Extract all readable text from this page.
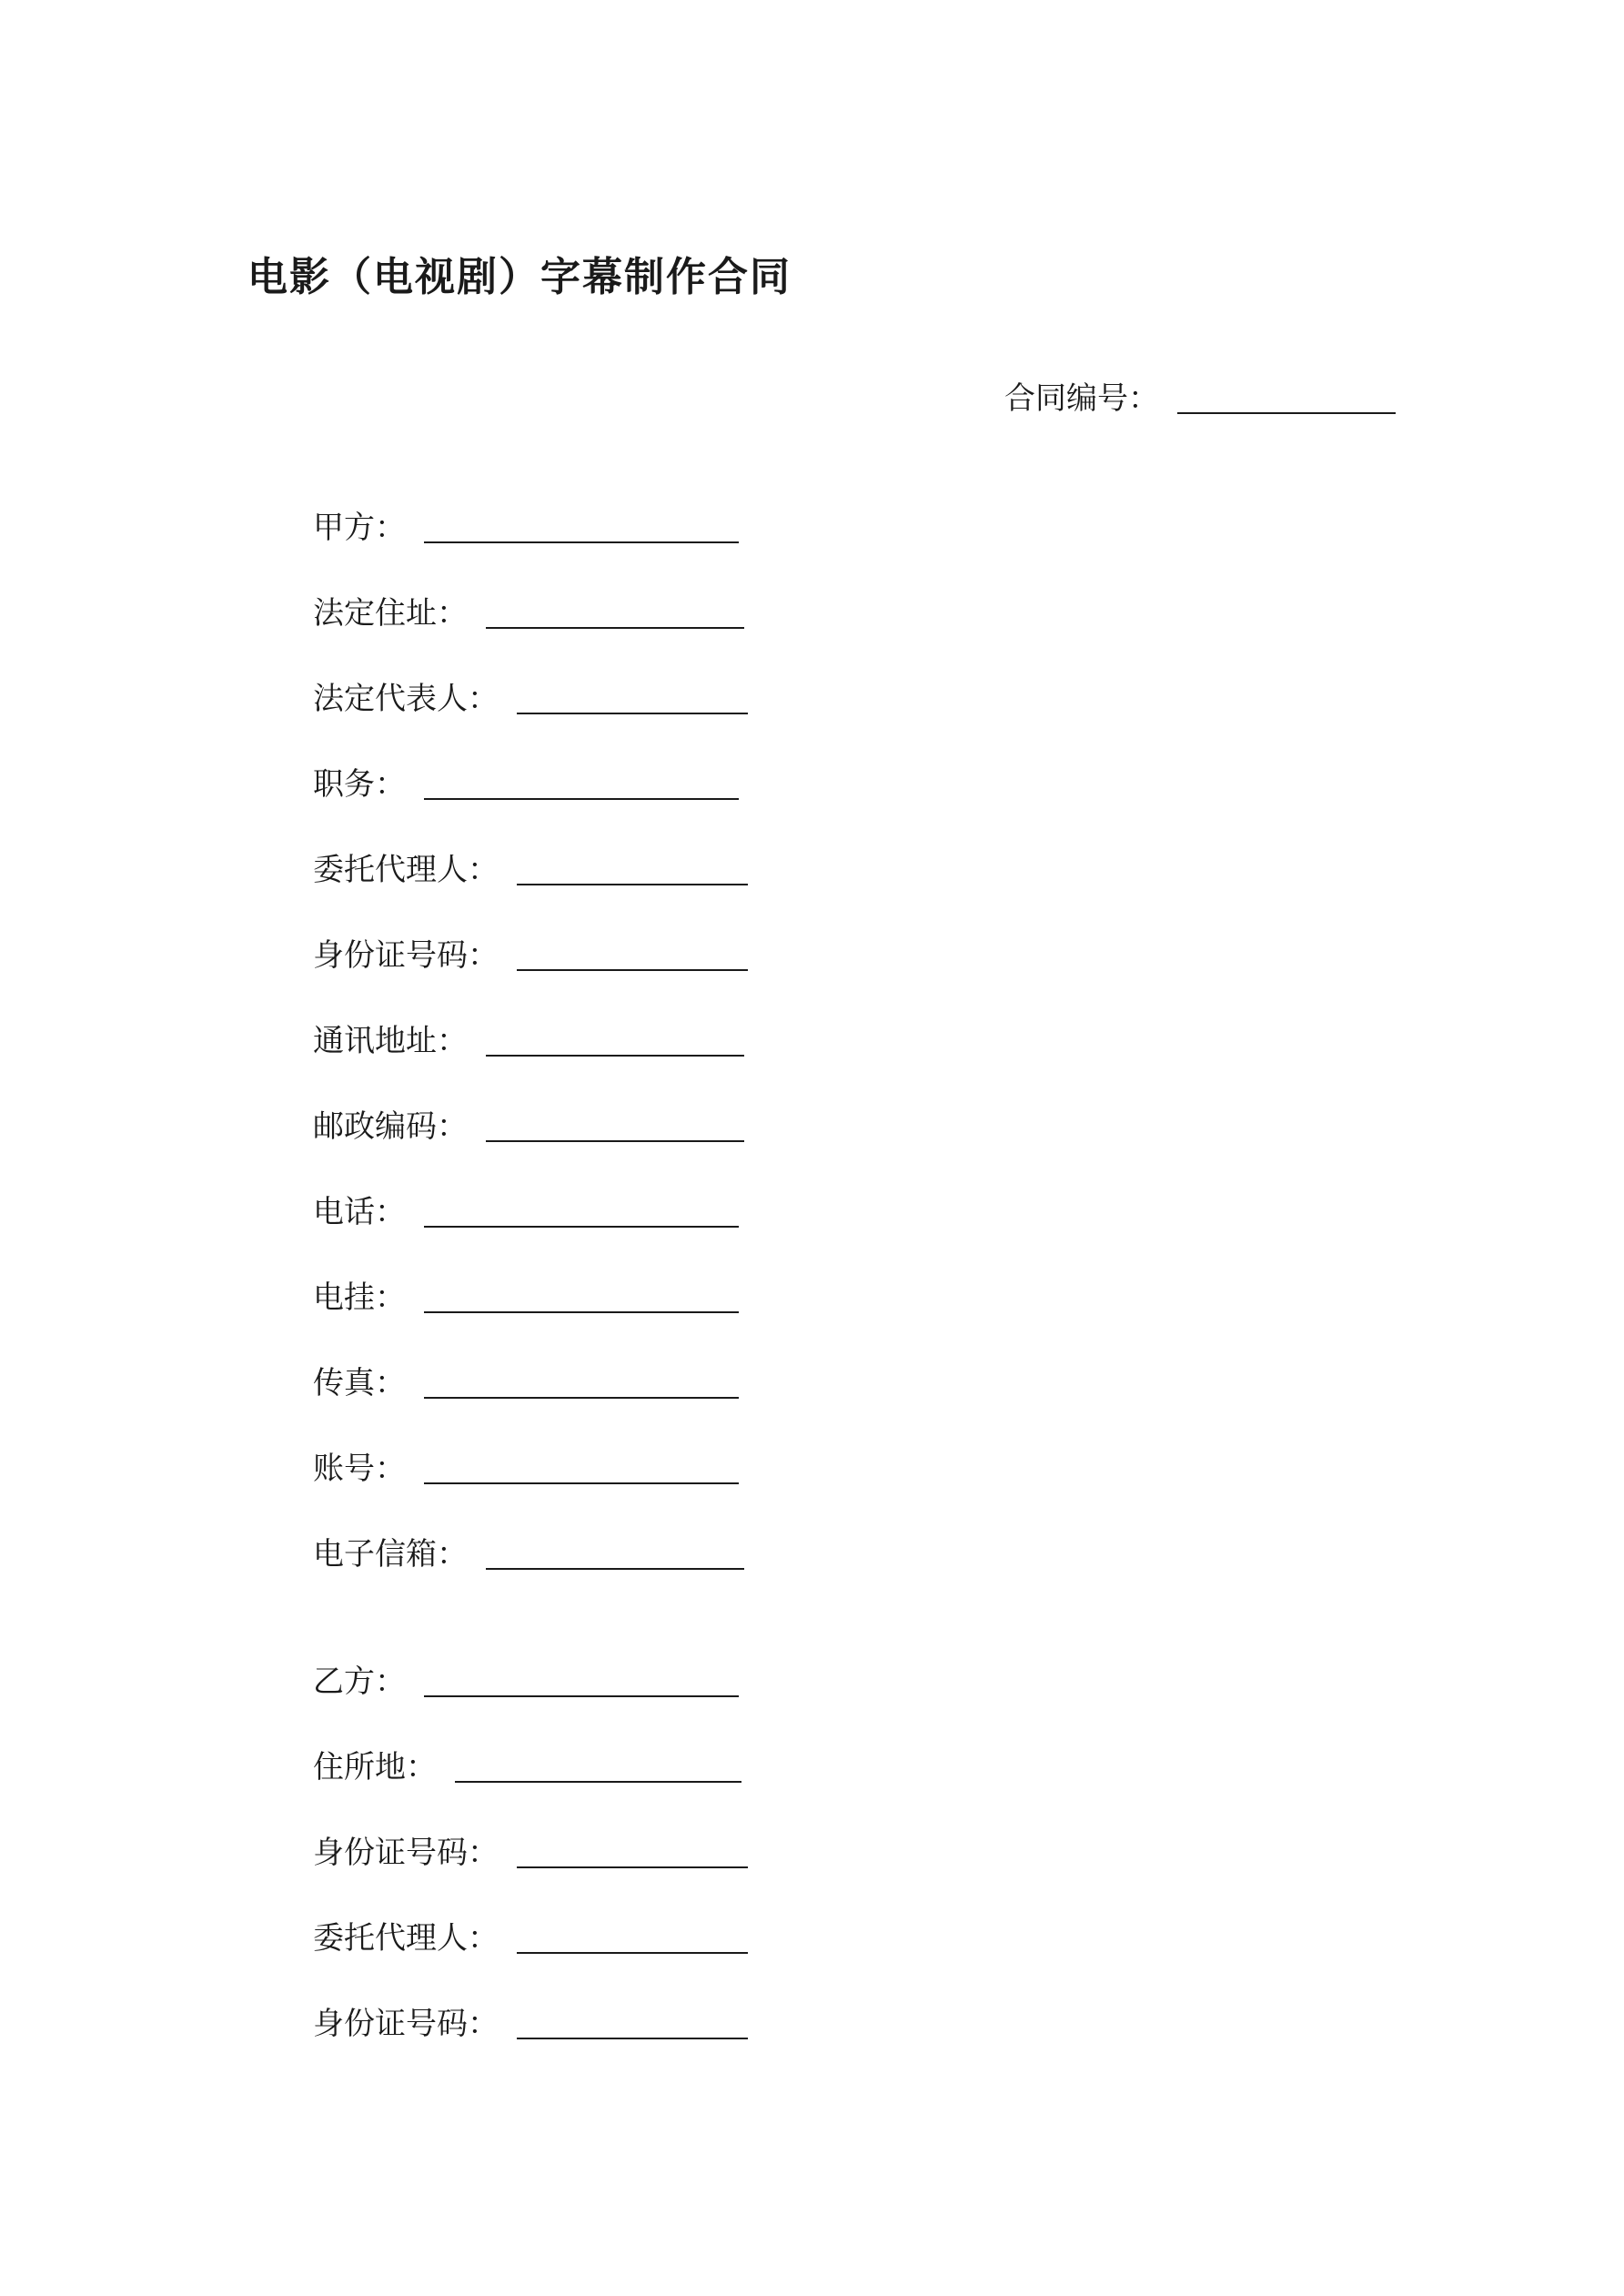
电影（电视剧）字幕制作合同
合同编号：
甲方：
法定住址：
法定代表人：
职务：
委托代理人：
身份证号码：
通讯地址：
邮政编码：
电话：
电挂：
传真：
账号：
电子信箱：
乙方：
住所地：
身份证号码：
委托代理人：
身份证号码：
